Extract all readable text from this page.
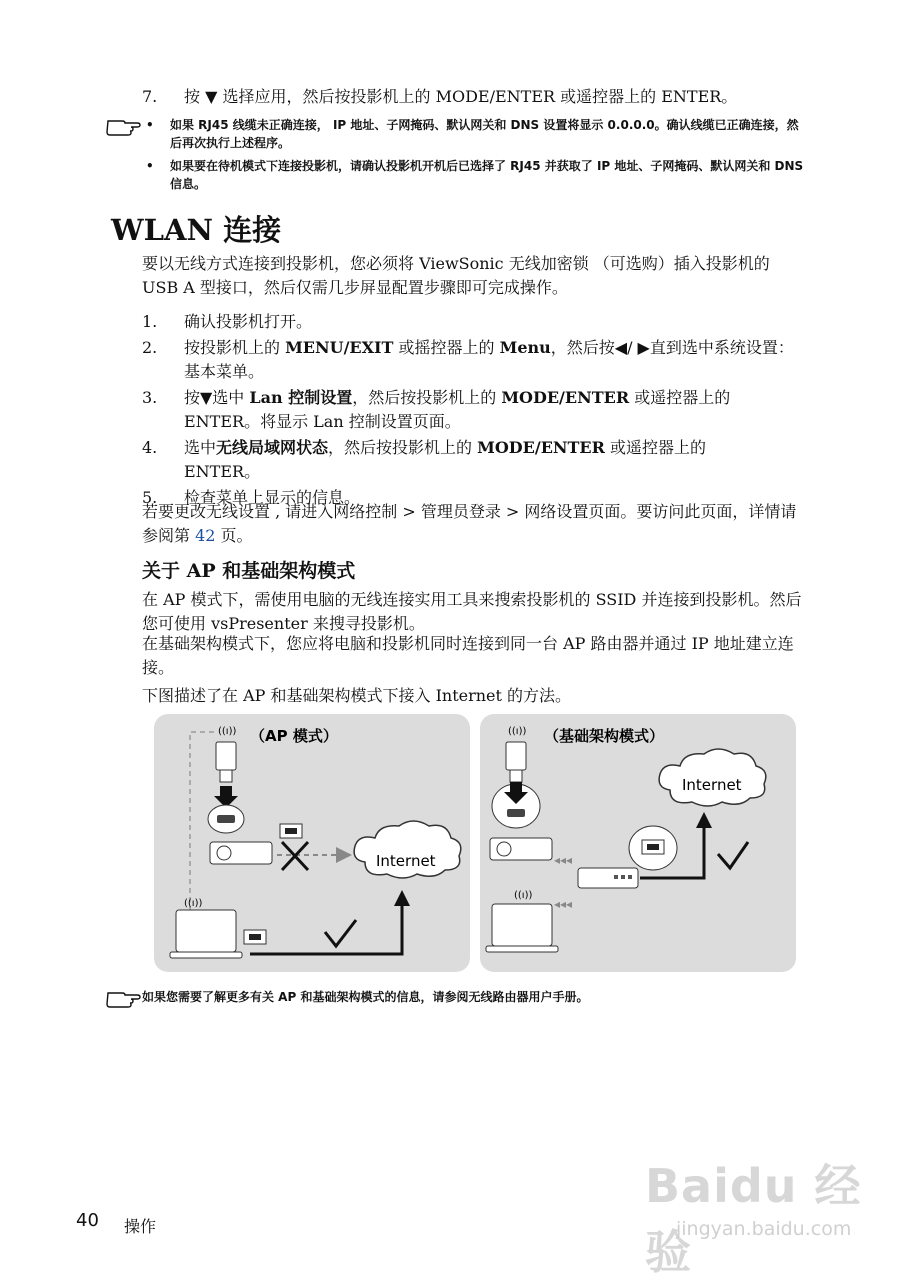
7. 按 ▼ 选择应用，然后按投影机上的 MODE/ENTER 或遥控器上的 ENTER。
• 如果 RJ45 线缆未正确连接， IP 地址、子网掩码、默认网关和 DNS 设置将显示 0.0.0.0。确认线缆已正确连接，然后再次执行上述程序。
• 如果要在待机模式下连接投影机，请确认投影机开机后已选择了 RJ45 并获取了 IP 地址、子网掩码、默认网关和 DNS 信息。
WLAN 连接

要以无线方式连接到投影机，您必须将 ViewSonic 无线加密锁 （可选购）插入投影机的 USB A 型接口，然后仅需几步屏显配置步骤即可完成操作。

1.	确认投影机打开。
2.	按投影机上的 MENU/EXIT 或摇控器上的 Menu，然后按◀/ ▶直到选中系统设置：基本菜单。
3.	按▼选中 Lan 控制设置，然后按投影机上的 MODE/ENTER 或遥控器上的 ENTER。将显示 Lan 控制设置页面。
4.	选中无线局域网状态，然后按投影机上的 MODE/ENTER 或遥控器上的 ENTER。
5.	检查菜单上显示的信息。

若要更改无线设置 , 请进入网络控制 > 管理员登录 > 网络设置页面。要访问此页面，详情请参阅第 42 页。

关于 AP 和基础架构模式

在 AP 模式下，需使用电脑的无线连接实用工具来搜索投影机的 SSID 并连接到投影机。然后您可使用 vsPresenter 来搜寻投影机。

在基础架构模式下，您应将电脑和投影机同时连接到同一台 AP 路由器并通过 IP 地址建立连接。

下图描述了在 AP 和基础架构模式下接入 Internet 的方法。

（AP 模式）	（基础架构模式）
((ı))
Internet
((ı))
((ı))
◂◂◂
◂◂◂
Internet
((ı))
如果您需要了解更多有关 AP 和基础架构模式的信息，请参阅无线路由器用户手册。
40 操作
Baidu 经验
jingyan.baidu.com
